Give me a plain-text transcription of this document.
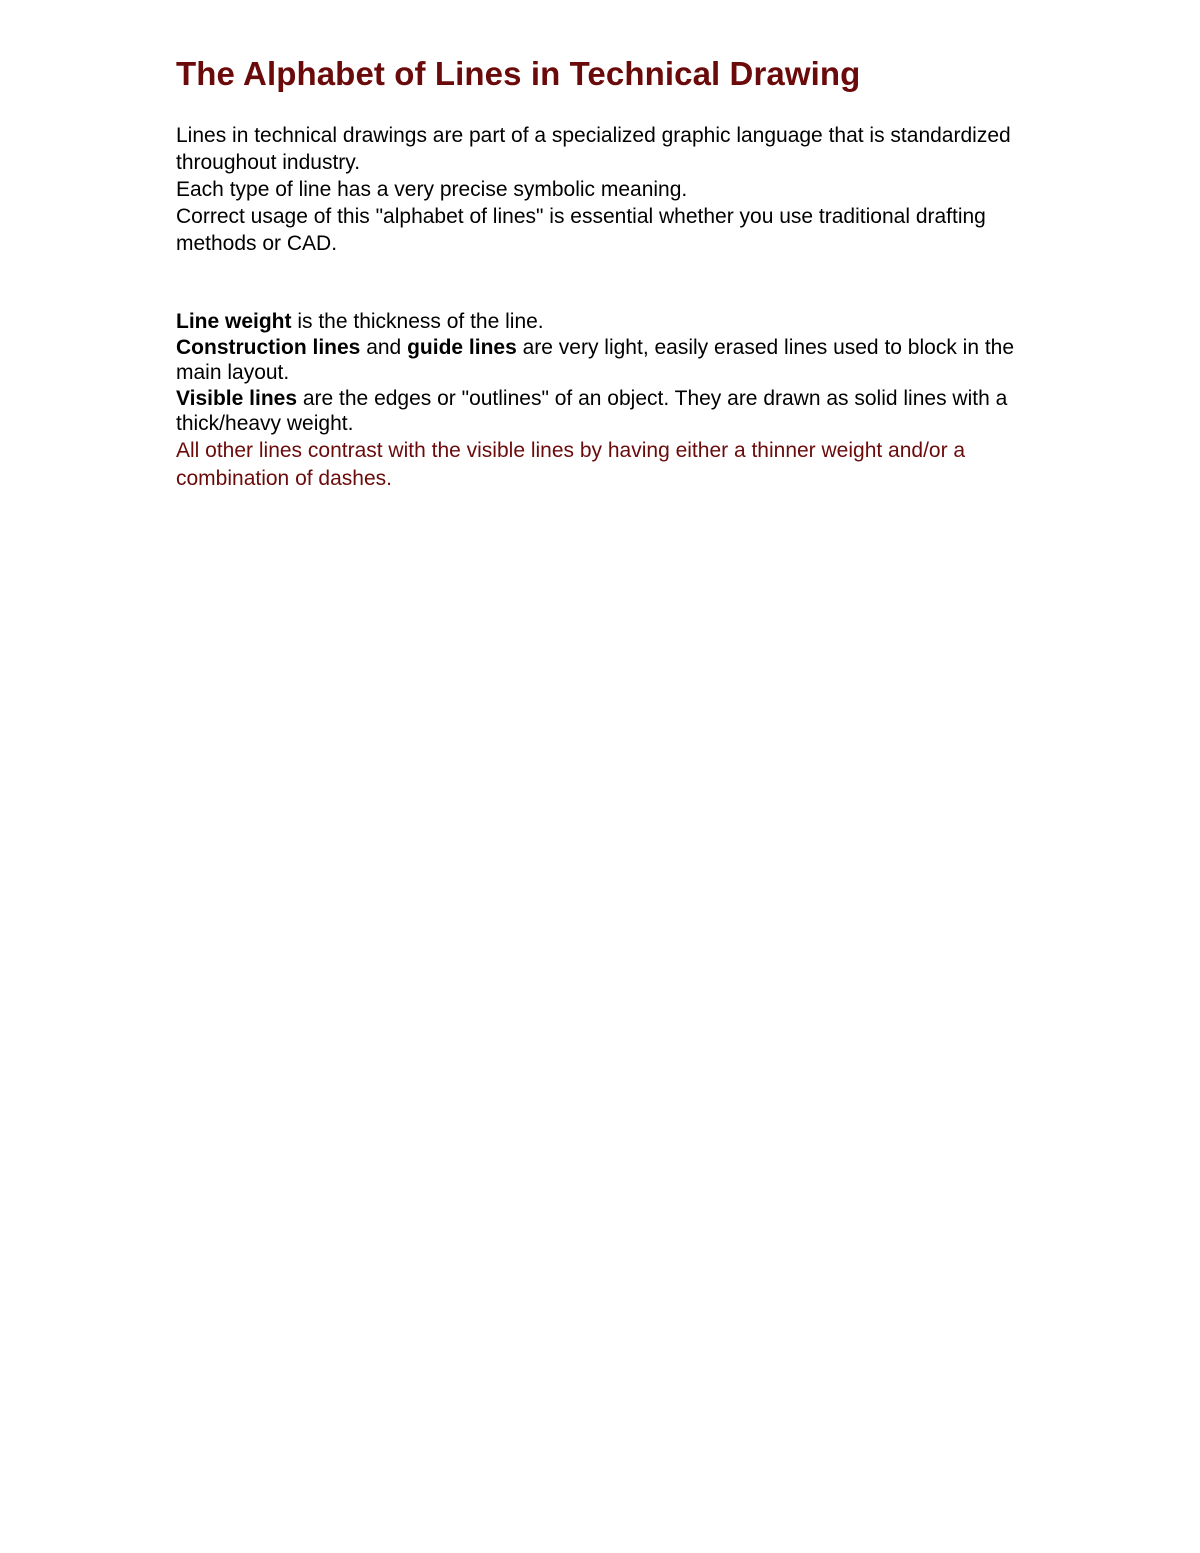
The Alphabet of Lines in Technical Drawing

Lines in technical drawings are part of a specialized graphic language that is standardized throughout industry.

Each type of line has a very precise symbolic meaning.

Correct usage of this "alphabet of lines" is essential whether you use traditional drafting methods or CAD.

Line weight is the thickness of the line.

Construction lines and guide lines are very light, easily erased lines used to block in the main layout.

Visible lines are the edges or "outlines" of an object. They are drawn as solid lines with a thick/heavy weight.

All other lines contrast with the visible lines by having either a thinner weight and/or a combination of dashes.
